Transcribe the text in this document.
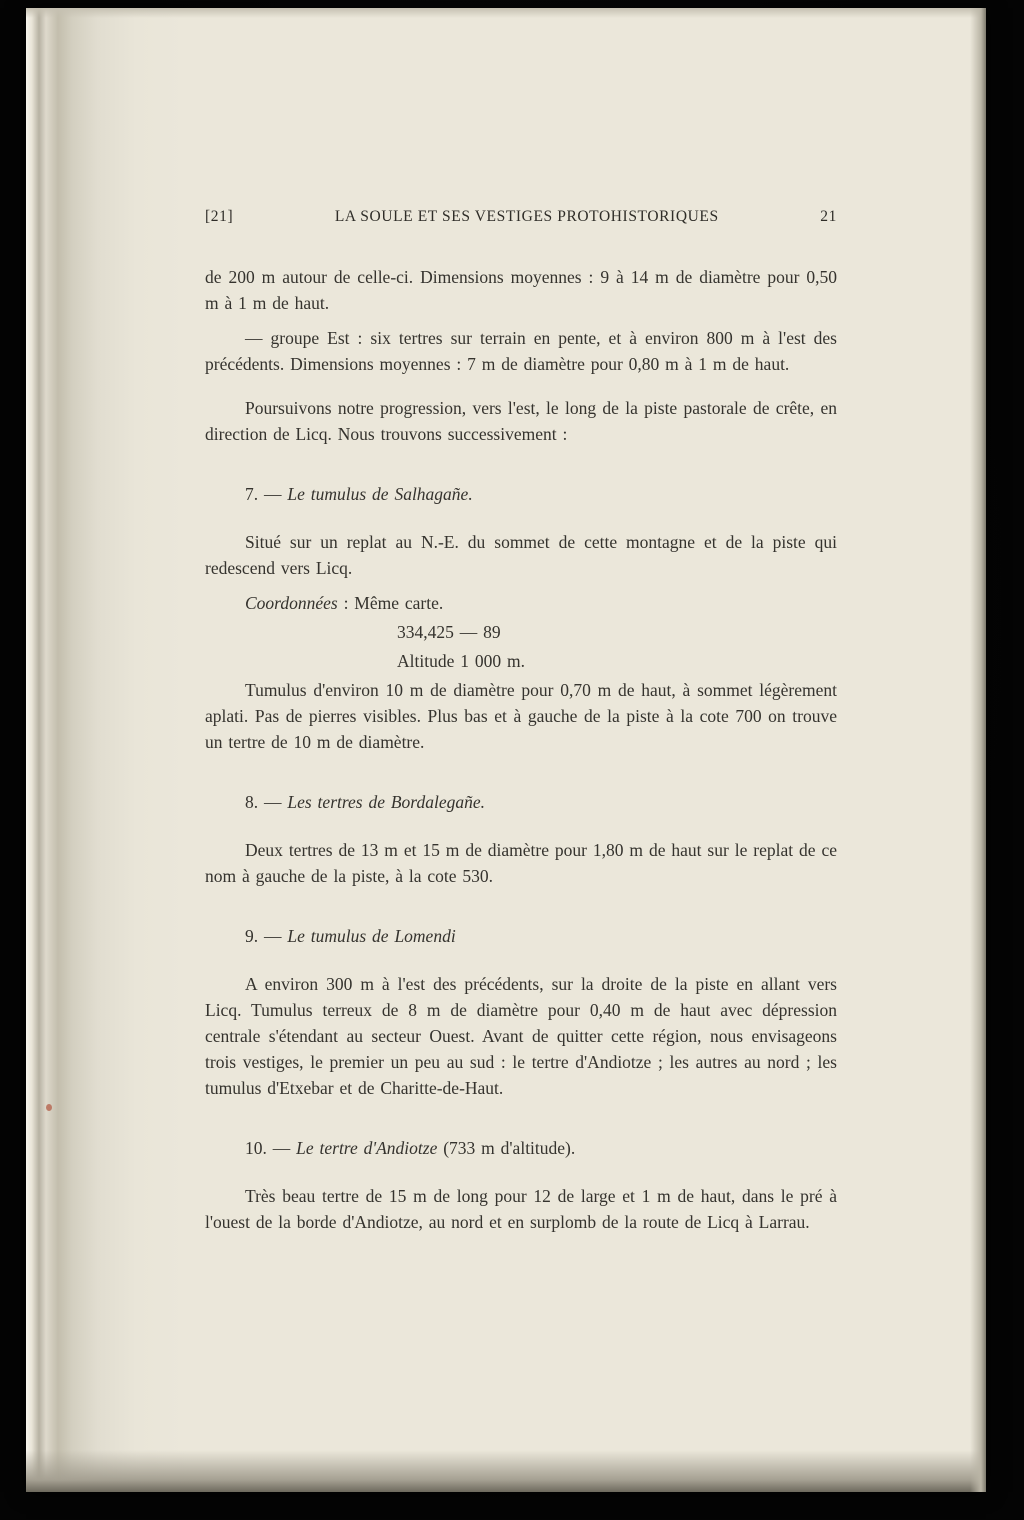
[21]	LA SOULE ET SES VESTIGES PROTOHISTORIQUES	21

de 200 m autour de celle-ci. Dimensions moyennes : 9 à 14 m de diamètre pour 0,50 m à 1 m de haut.

— groupe Est : six tertres sur terrain en pente, et à environ 800 m à l'est des précédents. Dimensions moyennes : 7 m de diamètre pour 0,80 m à 1 m de haut.

Poursuivons notre progression, vers l'est, le long de la piste pastorale de crête, en direction de Licq. Nous trouvons successivement :

7. — Le tumulus de Salhagañe.

Situé sur un replat au N.-E. du sommet de cette montagne et de la piste qui redescend vers Licq.

Coordonnées : Même carte.

334,425 — 89

Altitude 1 000 m.

Tumulus d'environ 10 m de diamètre pour 0,70 m de haut, à sommet légèrement aplati. Pas de pierres visibles. Plus bas et à gauche de la piste à la cote 700 on trouve un tertre de 10 m de diamètre.

8. — Les tertres de Bordalegañe.

Deux tertres de 13 m et 15 m de diamètre pour 1,80 m de haut sur le replat de ce nom à gauche de la piste, à la cote 530.

9. — Le tumulus de Lomendi

A environ 300 m à l'est des précédents, sur la droite de la piste en allant vers Licq. Tumulus terreux de 8 m de diamètre pour 0,40 m de haut avec dépression centrale s'étendant au secteur Ouest. Avant de quitter cette région, nous envisageons trois vestiges, le premier un peu au sud : le tertre d'Andiotze ; les autres au nord ; les tumulus d'Etxebar et de Charitte-de-Haut.

10. — Le tertre d'Andiotze (733 m d'altitude).

Très beau tertre de 15 m de long pour 12 de large et 1 m de haut, dans le pré à l'ouest de la borde d'Andiotze, au nord et en surplomb de la route de Licq à Larrau.
